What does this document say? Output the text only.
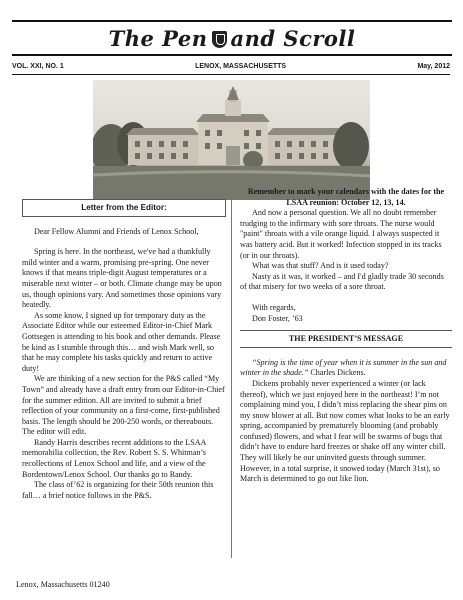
The Pen and Scroll
VOL. XXI, NO. 1	LENOX, MASSACHUSETTS	May, 2012
Letter from the Editor:

Dear Fellow Alumni and Friends of Lenox School,

Spring is here. In the northeast, we've had a thankfully mild winter and a warm, promising pre-spring. One never knows if that means triple-digit August temperatures or a miserable next winter – or both. Climate change may be upon us, though opinions vary. And sometimes those opinions vary heatedly.

As some know, I signed up for temporary duty as the Associate Editor while our esteemed Editor-in-Chief Mark Gottsegen is attending to his book and other demands. Please be kind as I stumble through this… and wish Mark well, so that he may complete his tasks quickly and return to active duty!

We are thinking of a new section for the P&S called “My Town” and already have a draft entry from our Editor-in-Chief for the summer edition. All are invited to submit a brief reflection of your community on a first-come, first-published basis. The length should be 200-250 words, or thereabouts. The editor will edit.

Randy Harris describes recent additions to the LSAA memorabilia collection, the Rev. Robert S. S. Whitman’s recollections of Lenox School and life, and a view of the Bordentown/Lenox School. Our thanks go to Randy.

The class of’62 is organizing for their 50th reunion this fall… a brief notice follows in the P&S.

Remember to mark your calendars with the dates for the LSAA reunion: October 12, 13, 14.

And now a personal question. We all no doubt remember trudging to the infirmary with sore throats. The nurse would "paint" throats with a vile orange liquid. I always suspected it was battery acid. But it worked! Infection stopped in its tracks (or in our throats).

What was that stuff? And is it used today?

Nasty as it was, it worked – and I'd gladly trade 30 seconds of that misery for two weeks of a sore throat.

With regards,

Don Foster, ’63

THE PRESIDENT’S MESSAGE

“Spring is the time of year when it is summer in the sun and winter in the shade.” Charles Dickens.

Dickens probably never experienced a winter (or lack thereof), which we just enjoyed here in the northeast! I’m not complaining mind you, I didn’t miss replacing the shear pins on my snow blower at all. But now comes what looks to be an early spring, accompanied by prematurely blooming (and probably confused) flowers, and what I fear will be swarms of bugs that didn’t have to endure hard freezes or shake off any winter chill. They will likely be our uninvited guests through summer. However, in a total surprise, it snowed today (March 31st), so March is determined to go out like lion.

Lenox, Massachusetts 01240
